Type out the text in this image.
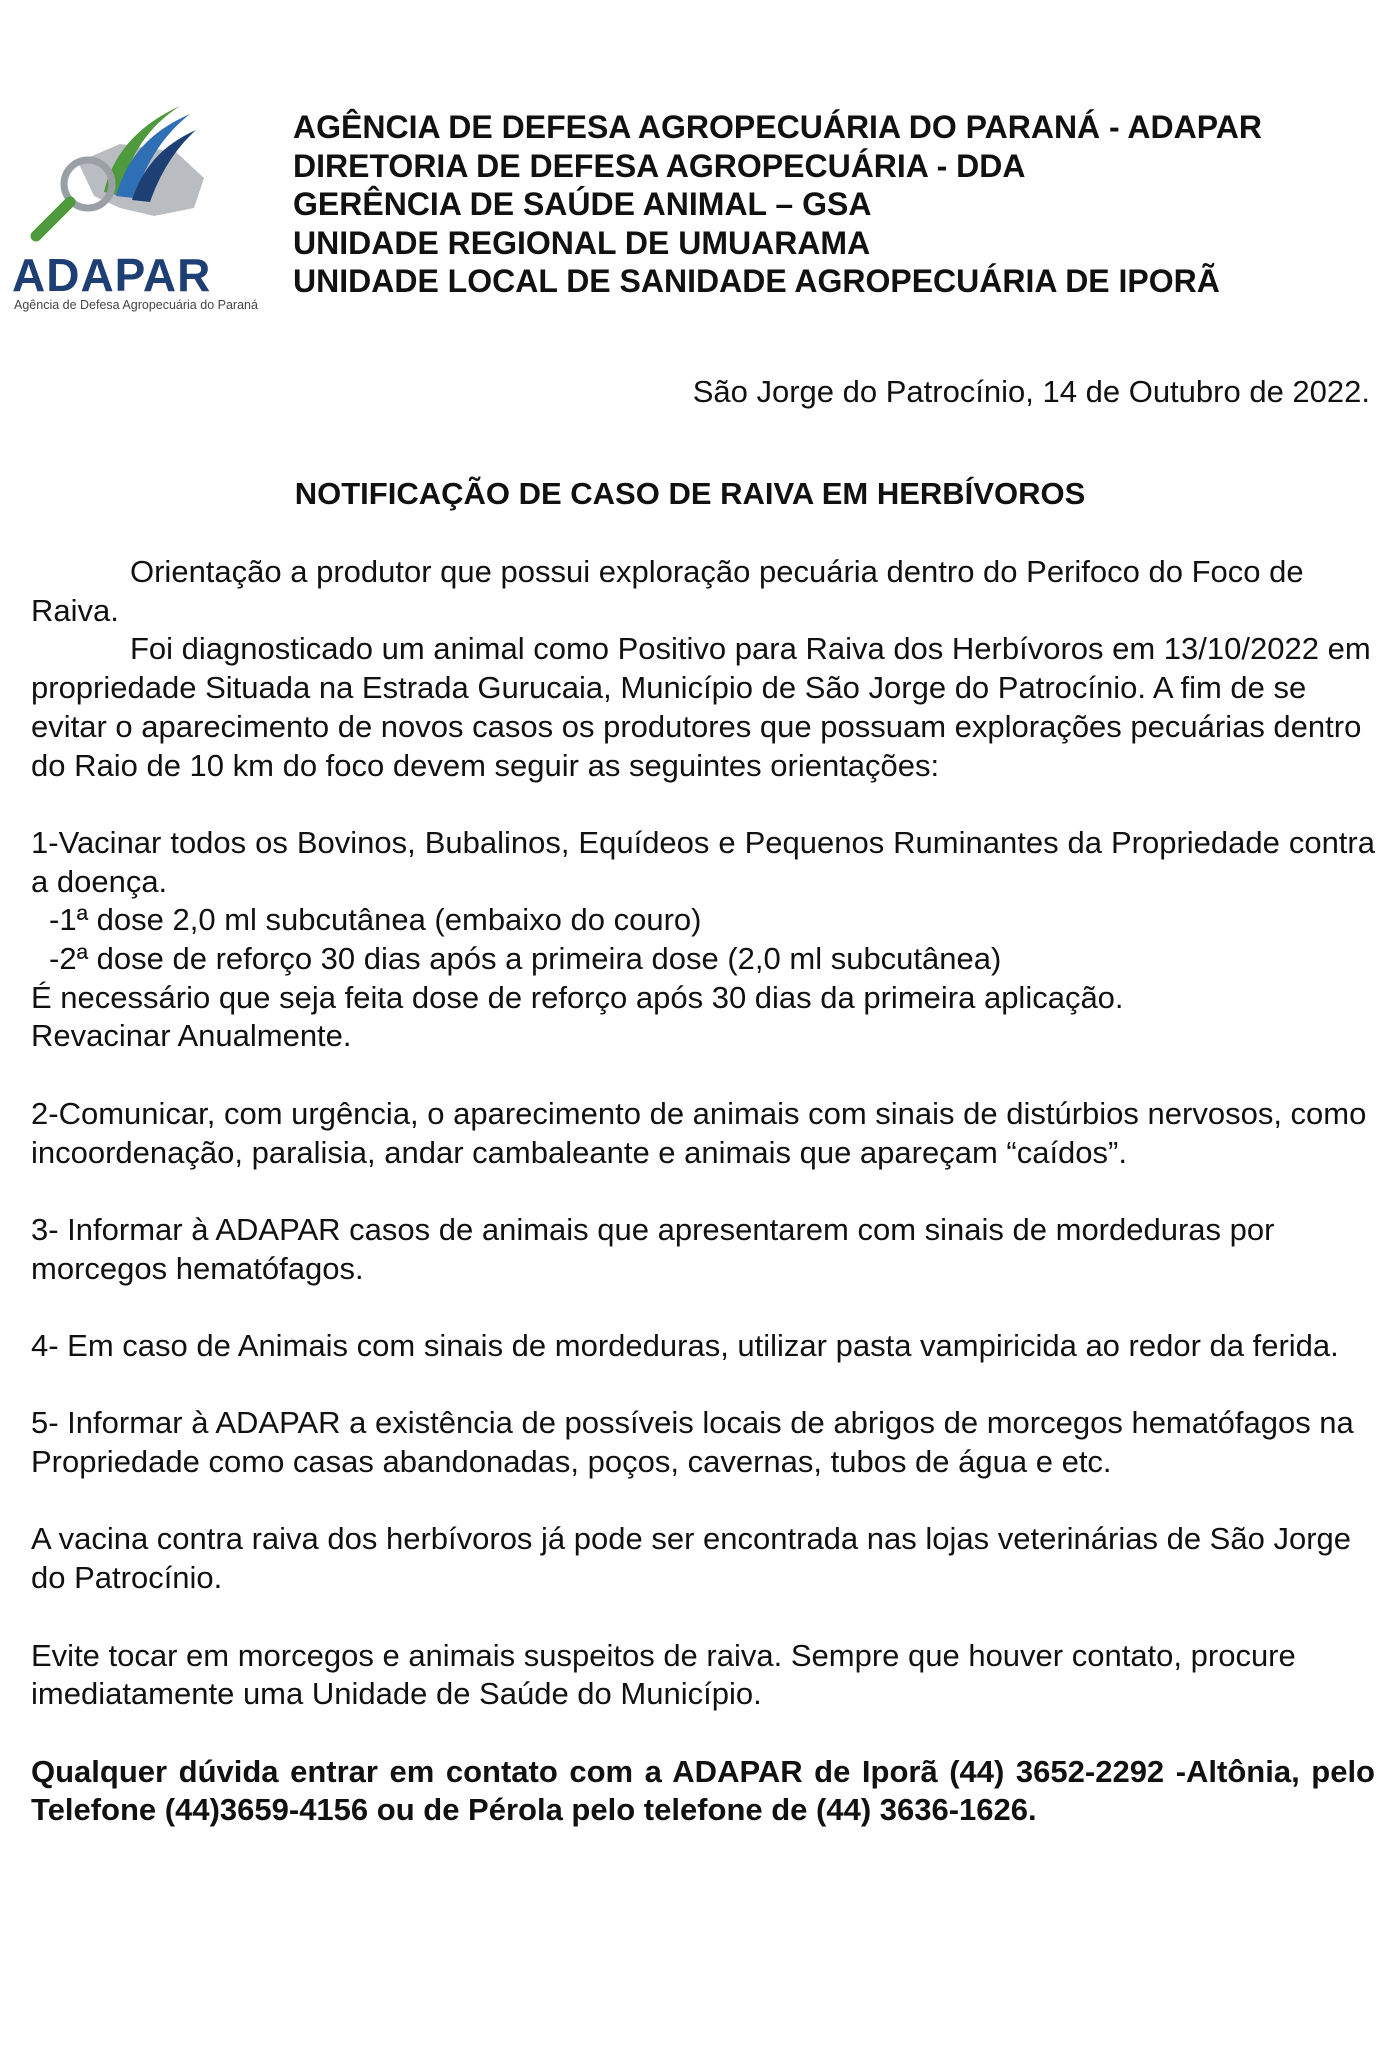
ADAPAR
Agência de Defesa Agropecuária do Paraná
AGÊNCIA DE DEFESA AGROPECUÁRIA DO PARANÁ - ADAPAR
DIRETORIA DE DEFESA AGROPECUÁRIA - DDA
GERÊNCIA DE SAÚDE ANIMAL – GSA
UNIDADE REGIONAL DE UMUARAMA
UNIDADE LOCAL DE SANIDADE AGROPECUÁRIA DE IPORÃ
São Jorge do Patrocínio, 14 de Outubro de 2022.
NOTIFICAÇÃO DE CASO DE RAIVA EM HERBÍVOROS

Orientação a produtor que possui exploração pecuária dentro do Perifoco do Foco de Raiva.

Foi diagnosticado um animal como Positivo para Raiva dos Herbívoros em 13/10/2022 em propriedade Situada na Estrada Gurucaia, Município de São Jorge do Patrocínio. A fim de se evitar o aparecimento de novos casos os produtores que possuam explorações pecuárias dentro do Raio de 10 km do foco devem seguir as seguintes orientações:

1-Vacinar todos os Bovinos, Bubalinos, Equídeos e Pequenos Ruminantes da Propriedade contra a doença.

-1ª dose 2,0 ml subcutânea (embaixo do couro)

-2ª dose de reforço 30 dias após a primeira dose (2,0 ml subcutânea)

É necessário que seja feita dose de reforço após 30 dias da primeira aplicação.

Revacinar Anualmente.

2-Comunicar, com urgência, o aparecimento de animais com sinais de distúrbios nervosos, como incoordenação, paralisia, andar cambaleante e animais que apareçam “caídos”.

3- Informar à ADAPAR casos de animais que apresentarem com sinais de mordeduras por morcegos hematófagos.

4- Em caso de Animais com sinais de mordeduras, utilizar pasta vampiricida ao redor da ferida.

5- Informar à ADAPAR a existência de possíveis locais de abrigos de morcegos hematófagos na Propriedade como casas abandonadas, poços, cavernas, tubos de água e etc.

A vacina contra raiva dos herbívoros já pode ser encontrada nas lojas veterinárias de São Jorge do Patrocínio.

Evite tocar em morcegos e animais suspeitos de raiva. Sempre que houver contato, procure imediatamente uma Unidade de Saúde do Município.

Qualquer dúvida entrar em contato com a ADAPAR de Iporã (44) 3652-2292 -Altônia, pelo Telefone (44)3659-4156 ou de Pérola pelo telefone de (44) 3636-1626.
